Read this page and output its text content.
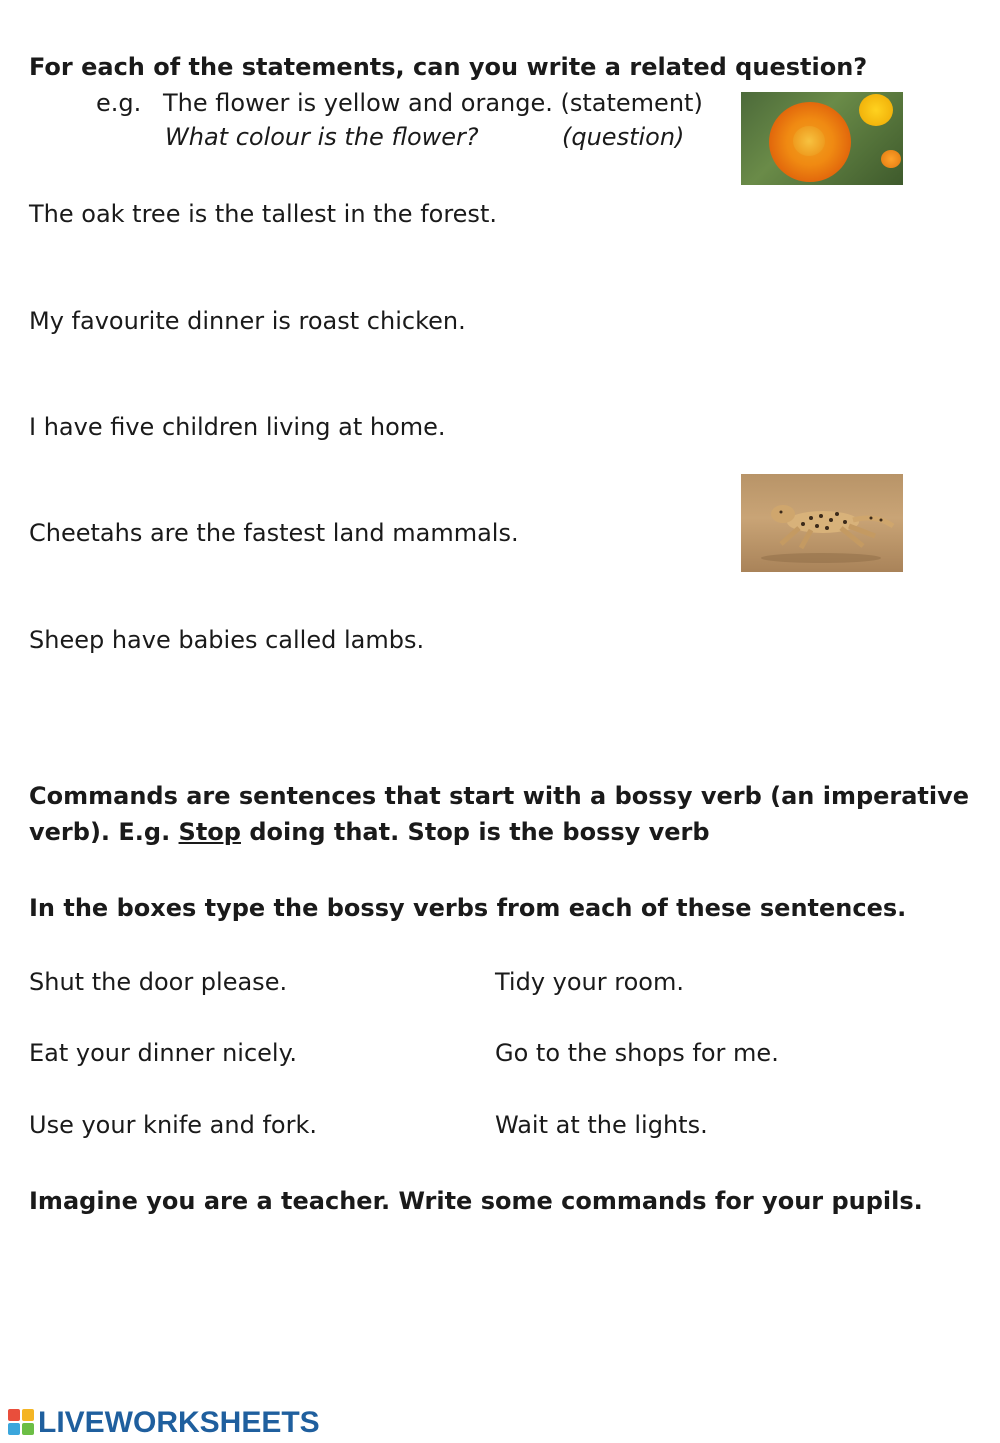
For each of the statements, can you write a related question?
e.g. The flower is yellow and orange. (statement)
What colour is the flower?	(question)
The oak tree is the tallest in the forest.
My favourite dinner is roast chicken.
I have five children living at home.
Cheetahs are the fastest land mammals.
Sheep have babies called lambs.
Commands are sentences that start with a bossy verb (an imperative
verb). E.g. Stop doing that. Stop is the bossy verb
In the boxes type the bossy verbs from each of these sentences.
Shut the door please.
Eat your dinner nicely.
Use your knife and fork.
Tidy your room.
Go to the shops for me.
Wait at the lights.
Imagine you are a teacher. Write some commands for your pupils.
LIVEWORKSHEETS
